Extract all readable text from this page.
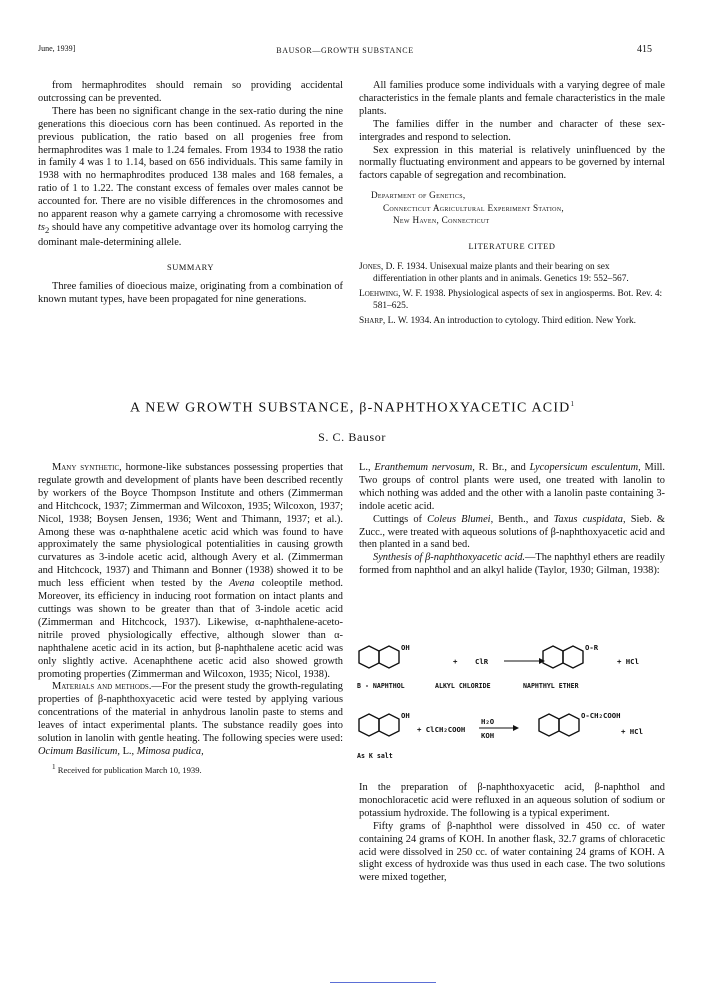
June, 1939]	BAUSOR—GROWTH SUBSTANCE	415

from hermaphrodites should remain so providing accidental outcrossing can be prevented.

There has been no significant change in the sex-ratio during the nine generations this dioecious corn has been continued. As reported in the previous publication, the ratio based on all progenies free from hermaphrodites was 1 male to 1.24 females. From 1934 to 1938 the ratio in family 4 was 1 to 1.14, based on 656 individuals. This same family in 1938 with no hermaphrodites produced 138 males and 168 females, a ratio of 1 to 1.22. The constant excess of females over males cannot be accounted for. There are no visible differences in the chromosomes and no apparent reason why a gamete carrying a chromosome with recessive $ts_2$ should have any competitive advantage over its homolog carrying the dominant male-determining allele.

SUMMARY

Three families of dioecious maize, originating from a combination of known mutant types, have been propagated for nine generations.

All families produce some individuals with a varying degree of male characteristics in the female plants and female characteristics in the male plants.

The families differ in the number and character of these sex-intergrades and respond to selection.

Sex expression in this material is relatively uninfluenced by the normally fluctuating environment and appears to be governed by internal factors capable of segregation and recombination.

Department of Genetics,
Connecticut Agricultural Experiment Station,
New Haven, Connecticut

LITERATURE CITED

Jones, D. F. 1934. Unisexual maize plants and their bearing on sex differentiation in other plants and in animals. Genetics 19: 552–567.
Loehwing, W. F. 1938. Physiological aspects of sex in angiosperms. Bot. Rev. 4: 581–625.
Sharp, L. W. 1934. An introduction to cytology. Third edition. New York.
A NEW GROWTH SUBSTANCE, β-NAPHTHOXYACETIC ACID$^1$
S. C. Bausor

Many synthetic, hormone-like substances possessing properties that regulate growth and development of plants have been described recently by workers of the Boyce Thompson Institute and others (Zimmerman and Hitchcock, 1937; Zimmerman and Wilcoxon, 1935; Wilcoxon, 1937; Nicol, 1938; Boysen Jensen, 1936; Went and Thimann, 1937; et al.). Among these was α-naphthalene acetic acid which was found to have approximately the same physiological potentialities in causing growth curvatures as 3-indole acetic acid, although Avery et al. (Zimmerman and Hitchcock, 1937) and Thimann and Bonner (1938) showed it to be much less efficient when tested by the Avena coleoptile method. Moreover, its efficiency in inducing root formation on intact plants and cuttings was shown to be greater than that of 3-indole acetic acid (Zimmerman and Hitchcock, 1937). Likewise, α-naphthalene-aceto-nitrile proved physiologically effective, although slower than α-naphthalene acetic acid in its action, but β-naphthalene acetic acid was only slightly active. Acenaphthene acetic acid also showed growth promoting properties (Zimmerman and Wilcoxon, 1935; Nicol, 1938).

Materials and methods.—For the present study the growth-regulating properties of β-naphthoxyacetic acid were tested by applying various concentrations of the material in anhydrous lanolin paste to stems and leaves of intact experimental plants. The substance readily goes into solution in lanolin with gentle heating. The following species were used: Ocimum Basilicum, L., Mimosa pudica,

$^1$ Received for publication March 10, 1939.

L., Eranthemum nervosum, R. Br., and Lycopersicum esculentum, Mill. Two groups of control plants were used, one treated with lanolin to which nothing was added and the other with a lanolin paste containing 3-indole acetic acid.

Cuttings of Coleus Blumei, Benth., and Taxus cuspidata, Sieb. & Zucc., were treated with aqueous solutions of β-naphthoxyacetic acid and then planted in a sand bed.

Synthesis of β-naphthoxyacetic acid.—The naphthyl ethers are readily formed from naphthol and an alkyl halide (Taylor, 1930; Gilman, 1938):

OH
+ ClR
O-R
+ HCl
B - NAPHTHOL	ALKYL CHLORIDE	NAPHTHYL ETHER
OH
+ ClCH₂COOH
H₂O
KOH
O-CH₂COOH
+ HCl
As K salt

In the preparation of β-naphthoxyacetic acid, β-naphthol and monochloracetic acid were refluxed in an aqueous solution of sodium or potassium hydroxide. The following is a typical experiment.

Fifty grams of β-naphthol were dissolved in 450 cc. of water containing 24 grams of KOH. In another flask, 32.7 grams of chloracetic acid were dissolved in 250 cc. of water containing 24 grams of KOH. A slight excess of hydroxide was thus used in each case. The two solutions were mixed together,
